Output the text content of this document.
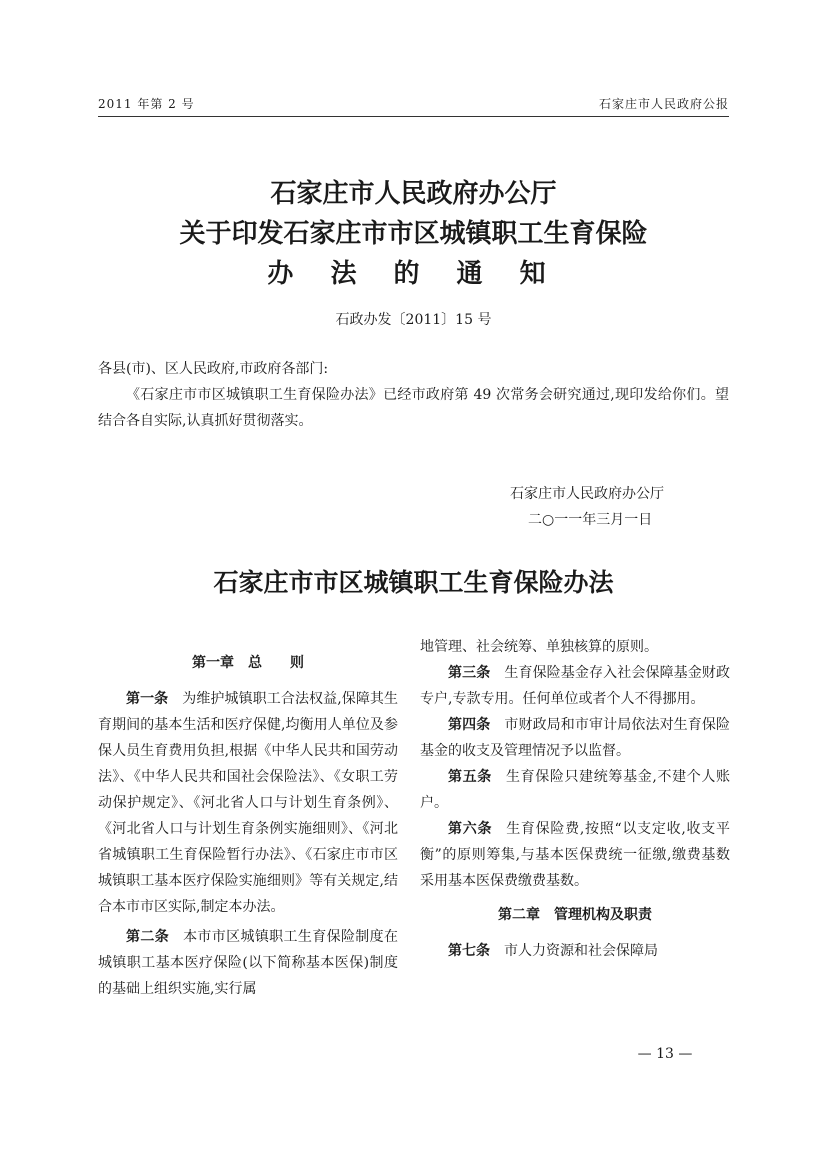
2011 年第 2 号	石家庄市人民政府公报
石家庄市人民政府办公厅
关于印发石家庄市市区城镇职工生育保险
办 法 的 通 知
石政办发〔2011〕15 号
各县(市)、区人民政府,市政府各部门:
《石家庄市市区城镇职工生育保险办法》已经市政府第 49 次常务会研究通过,现印发给你们。望结合各自实际,认真抓好贯彻落实。
石家庄市人民政府办公厅
二○一一年三月一日
石家庄市市区城镇职工生育保险办法
第一章　总　　则

第一条 为维护城镇职工合法权益,保障其生育期间的基本生活和医疗保健,均衡用人单位及参保人员生育费用负担,根据《中华人民共和国劳动法》、《中华人民共和国社会保险法》、《女职工劳动保护规定》、《河北省人口与计划生育条例》、《河北省人口与计划生育条例实施细则》、《河北省城镇职工生育保险暂行办法》、《石家庄市市区城镇职工基本医疗保险实施细则》等有关规定,结合本市市区实际,制定本办法。

第二条 本市市区城镇职工生育保险制度在城镇职工基本医疗保险(以下简称基本医保)制度的基础上组织实施,实行属

地管理、社会统筹、单独核算的原则。

第三条 生育保险基金存入社会保障基金财政专户,专款专用。任何单位或者个人不得挪用。

第四条 市财政局和市审计局依法对生育保险基金的收支及管理情况予以监督。

第五条 生育保险只建统筹基金,不建个人账户。

第六条 生育保险费,按照“以支定收,收支平衡”的原则筹集,与基本医保费统一征缴,缴费基数采用基本医保费缴费基数。

第二章　管理机构及职责

第七条 市人力资源和社会保障局

— 13 —
